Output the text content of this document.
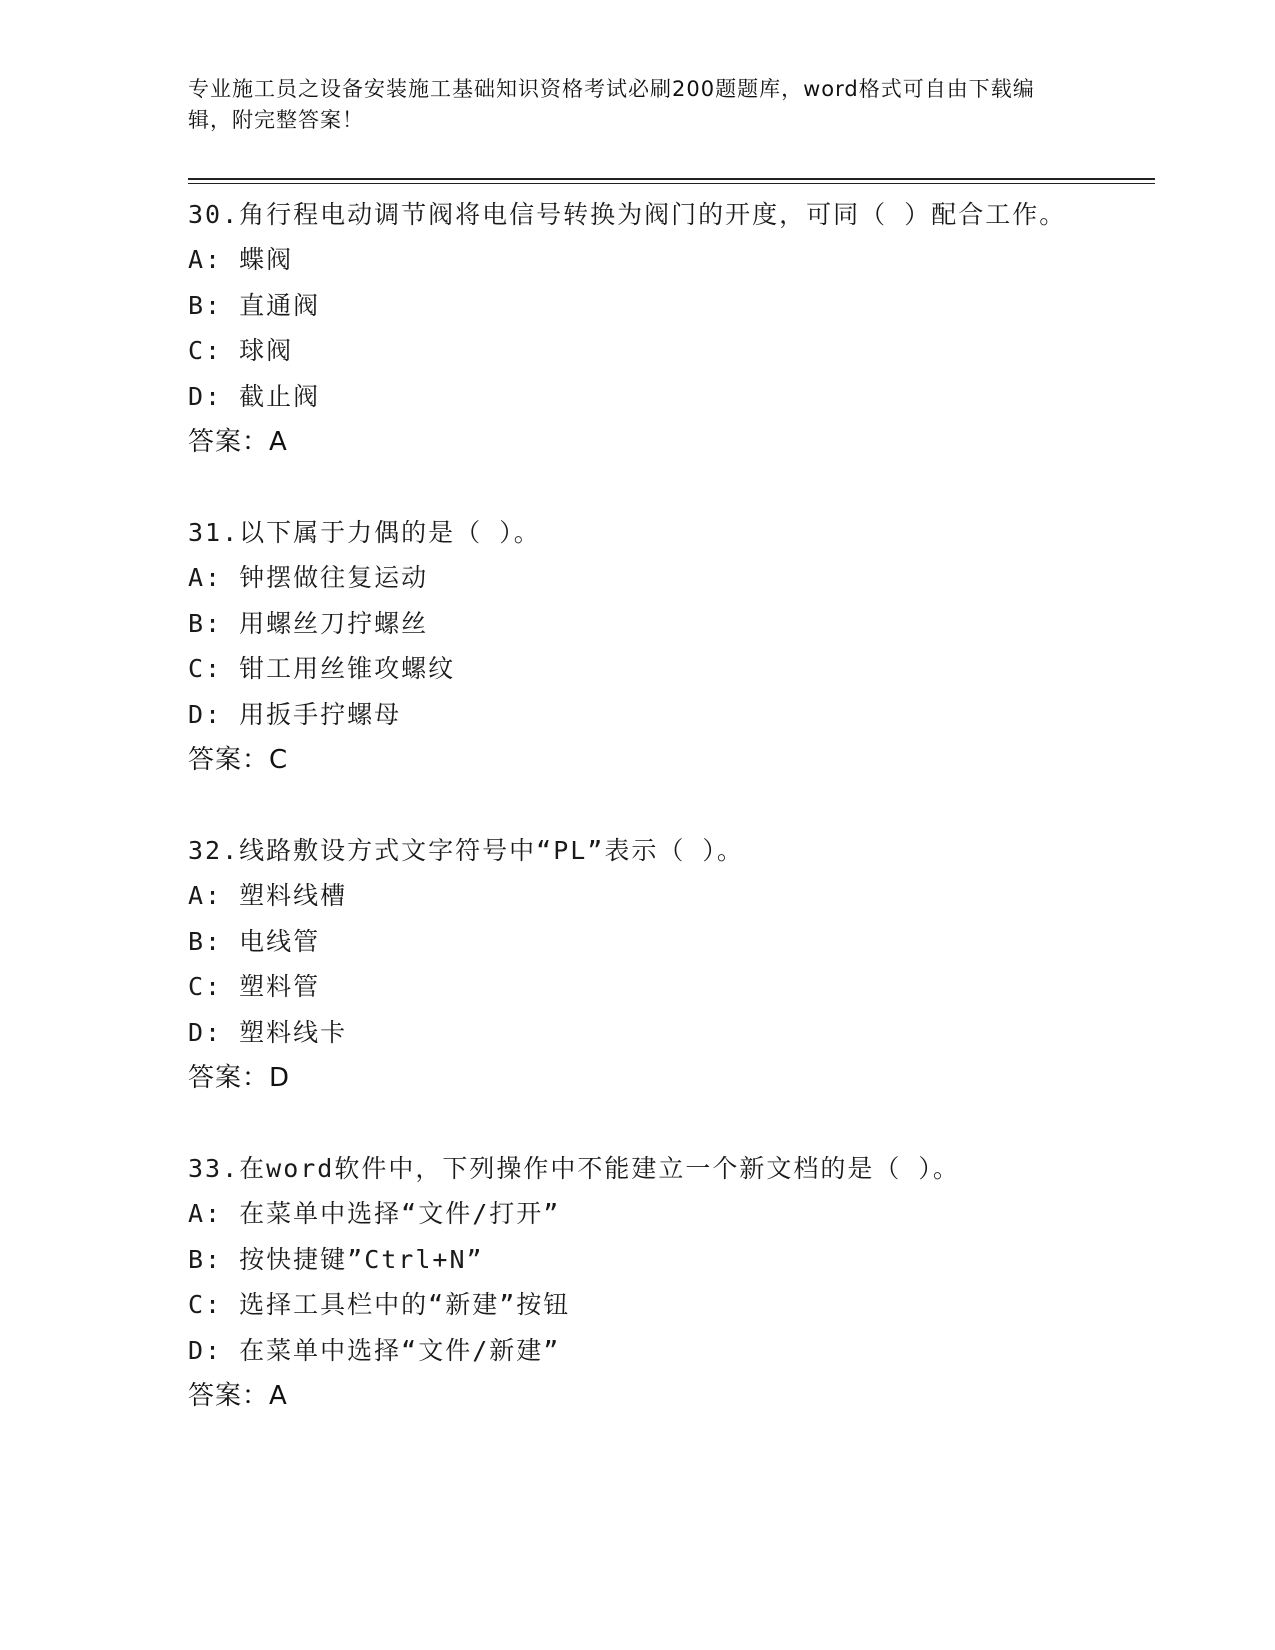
专业施工员之设备安装施工基础知识资格考试必刷200题题库，word格式可自由下载编辑，附完整答案！
30.角行程电动调节阀将电信号转换为阀门的开度，可同（ ）配合工作。
A: 蝶阀
B: 直通阀
C: 球阀
D: 截止阀
答案：A
31.以下属于力偶的是（ ）。
A: 钟摆做往复运动
B: 用螺丝刀拧螺丝
C: 钳工用丝锥攻螺纹
D: 用扳手拧螺母
答案：C
32.线路敷设方式文字符号中“PL”表示（ ）。
A: 塑料线槽
B: 电线管
C: 塑料管
D: 塑料线卡
答案：D
33.在word软件中，下列操作中不能建立一个新文档的是（ ）。
A: 在菜单中选择“文件/打开”
B: 按快捷键”Ctrl+N”
C: 选择工具栏中的“新建”按钮
D: 在菜单中选择“文件/新建”
答案：A
